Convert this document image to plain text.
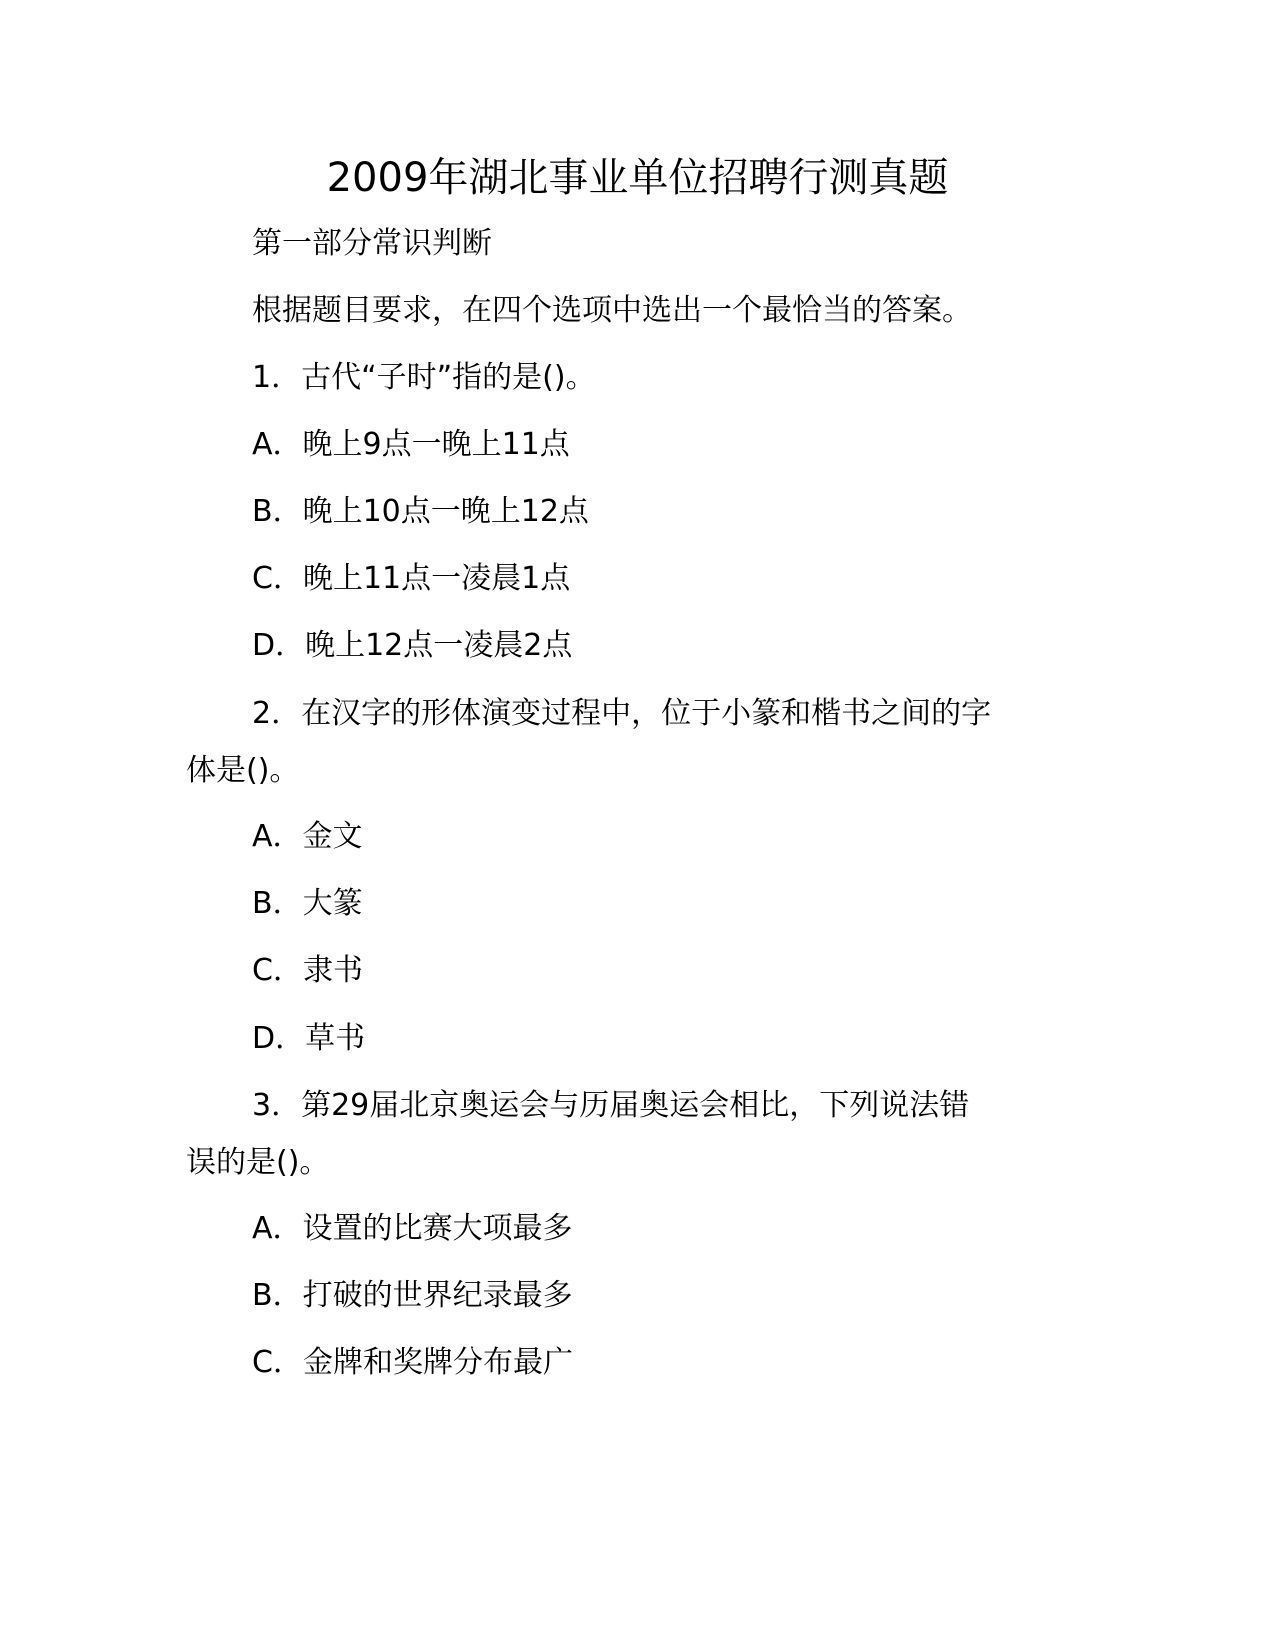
2009年湖北事业单位招聘行测真题
第一部分常识判断
根据题目要求，在四个选项中选出一个最恰当的答案。
1．古代“子时”指的是()。
A．晚上9点一晚上11点
B．晚上10点一晚上12点
C．晚上11点一凌晨1点
D．晚上12点一凌晨2点
2．在汉字的形体演变过程中，位于小篆和楷书之间的字
体是()。
A．金文
B．大篆
C．隶书
D．草书
3．第29届北京奥运会与历届奥运会相比，下列说法错
误的是()。
A．设置的比赛大项最多
B．打破的世界纪录最多
C．金牌和奖牌分布最广
